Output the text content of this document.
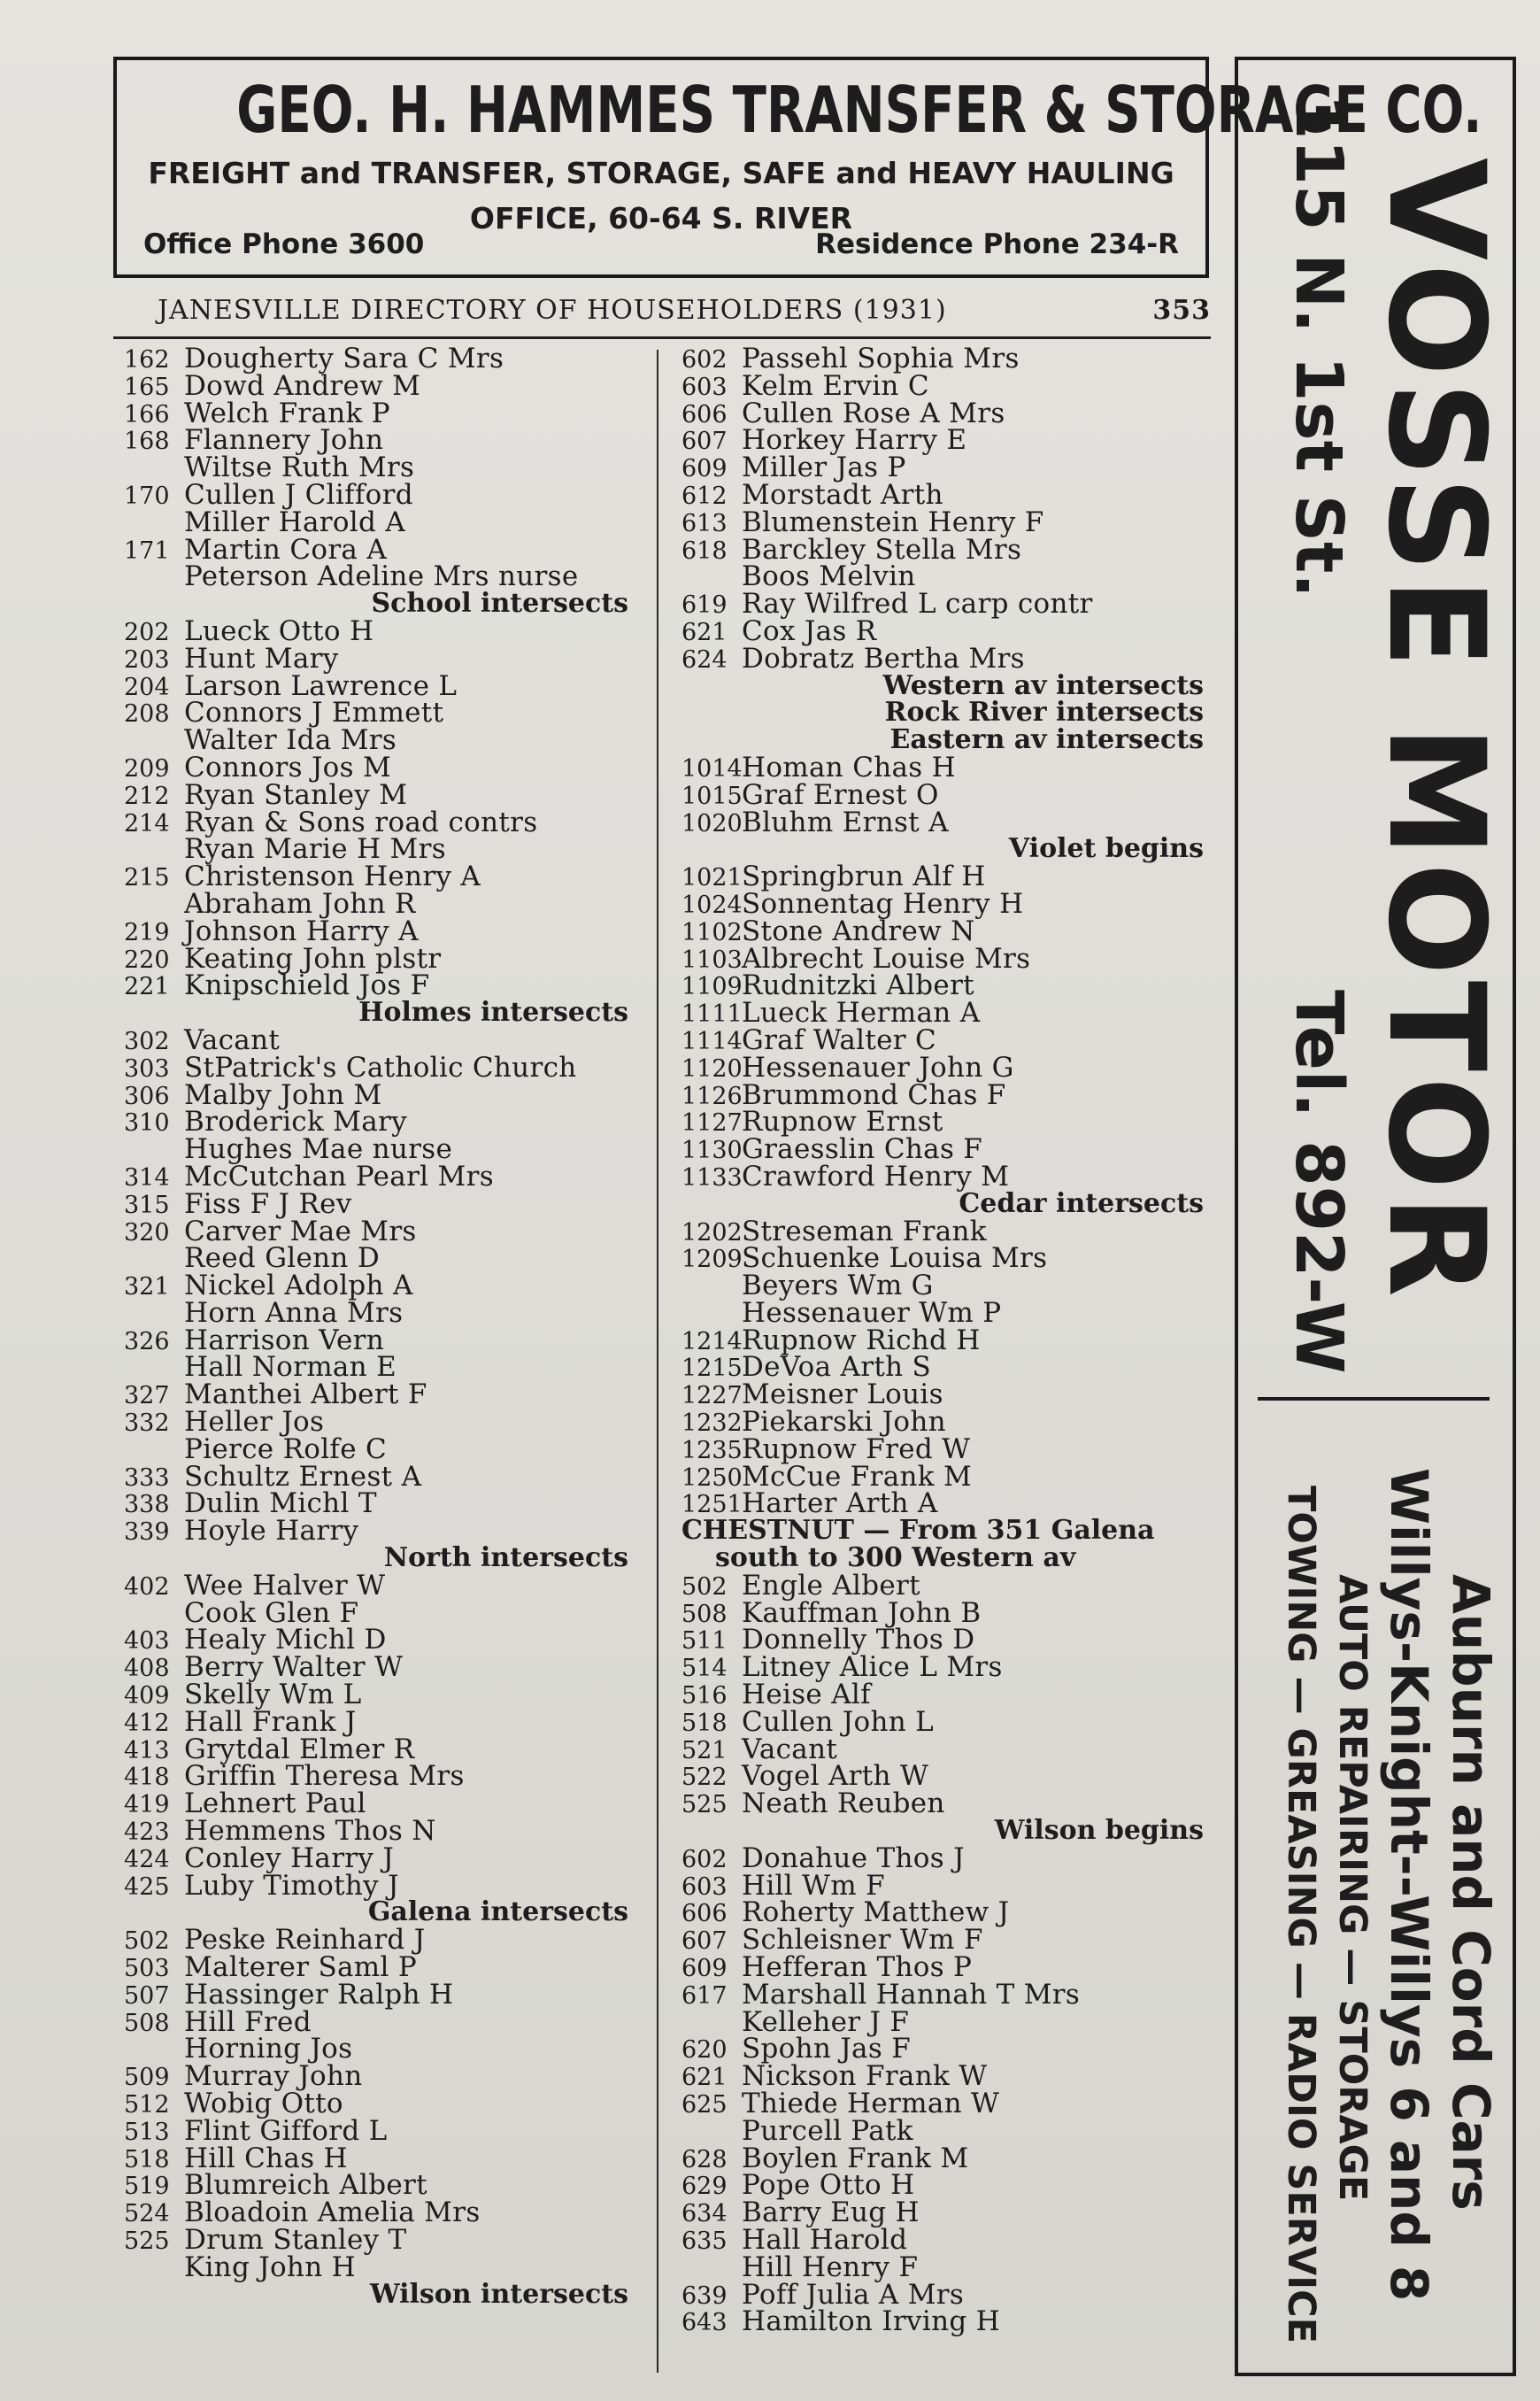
GEO. H. HAMMES TRANSFER & STORAGE CO.
FREIGHT and TRANSFER, STORAGE, SAFE and HEAVY HAULING
OFFICE, 60-64 S. RIVER
Office Phone 3600	Residence Phone 234-R
JANESVILLE DIRECTORY OF HOUSEHOLDERS (1931)	353
162 Dougherty Sara C Mrs
165 Dowd Andrew M
166 Welch Frank P
168 Flannery John
Wiltse Ruth Mrs
170 Cullen J Clifford
Miller Harold A
171 Martin Cora A
Peterson Adeline Mrs nurse
School intersects
202 Lueck Otto H
203 Hunt Mary
204 Larson Lawrence L
208 Connors J Emmett
Walter Ida Mrs
209 Connors Jos M
212 Ryan Stanley M
214 Ryan & Sons road contrs
Ryan Marie H Mrs
215 Christenson Henry A
Abraham John R
219 Johnson Harry A
220 Keating John plstr
221 Knipschield Jos F
Holmes intersects
302 Vacant
303 StPatrick's Catholic Church
306 Malby John M
310 Broderick Mary
Hughes Mae nurse
314 McCutchan Pearl Mrs
315 Fiss F J Rev
320 Carver Mae Mrs
Reed Glenn D
321 Nickel Adolph A
Horn Anna Mrs
326 Harrison Vern
Hall Norman E
327 Manthei Albert F
332 Heller Jos
Pierce Rolfe C
333 Schultz Ernest A
338 Dulin Michl T
339 Hoyle Harry
North intersects
402 Wee Halver W
Cook Glen F
403 Healy Michl D
408 Berry Walter W
409 Skelly Wm L
412 Hall Frank J
413 Grytdal Elmer R
418 Griffin Theresa Mrs
419 Lehnert Paul
423 Hemmens Thos N
424 Conley Harry J
425 Luby Timothy J
Galena intersects
502 Peske Reinhard J
503 Malterer Saml P
507 Hassinger Ralph H
508 Hill Fred
Horning Jos
509 Murray John
512 Wobig Otto
513 Flint Gifford L
518 Hill Chas H
519 Blumreich Albert
524 Bloadoin Amelia Mrs
525 Drum Stanley T
King John H
Wilson intersects
602 Passehl Sophia Mrs
603 Kelm Ervin C
606 Cullen Rose A Mrs
607 Horkey Harry E
609 Miller Jas P
612 Morstadt Arth
613 Blumenstein Henry F
618 Barckley Stella Mrs
Boos Melvin
619 Ray Wilfred L carp contr
621 Cox Jas R
624 Dobratz Bertha Mrs
Western av intersects
Rock River intersects
Eastern av intersects
1014Homan Chas H
1015Graf Ernest O
1020Bluhm Ernst A
Violet begins
1021Springbrun Alf H
1024Sonnentag Henry H
1102Stone Andrew N
1103Albrecht Louise Mrs
1109Rudnitzki Albert
1111Lueck Herman A
1114Graf Walter C
1120Hessenauer John G
1126Brummond Chas F
1127Rupnow Ernst
1130Graesslin Chas F
1133Crawford Henry M
Cedar intersects
1202Streseman Frank
1209Schuenke Louisa Mrs
Beyers Wm G
Hessenauer Wm P
1214Rupnow Richd H
1215DeVoa Arth S
1227Meisner Louis
1232Piekarski John
1235Rupnow Fred W
1250McCue Frank M
1251Harter Arth A
CHESTNUT — From 351 Galena
south to 300 Western av
502 Engle Albert
508 Kauffman John B
511 Donnelly Thos D
514 Litney Alice L Mrs
516 Heise Alf
518 Cullen John L
521 Vacant
522 Vogel Arth W
525 Neath Reuben
Wilson begins
602 Donahue Thos J
603 Hill Wm F
606 Roherty Matthew J
607 Schleisner Wm F
609 Hefferan Thos P
617 Marshall Hannah T Mrs
Kelleher J F
620 Spohn Jas F
621 Nickson Frank W
625 Thiede Herman W
Purcell Patk
628 Boylen Frank M
629 Pope Otto H
634 Barry Eug H
635 Hall Harold
Hill Henry F
639 Poff Julia A Mrs
643 Hamilton Irving H
115 N. 1st St. VOSSE MOTOR
Tel. 892-W
Auburn and Cord Cars
Willys-Knight--Willys 6 and 8
AUTO REPAIRING — STORAGE
TOWING — GREASING — RADIO SERVICE
